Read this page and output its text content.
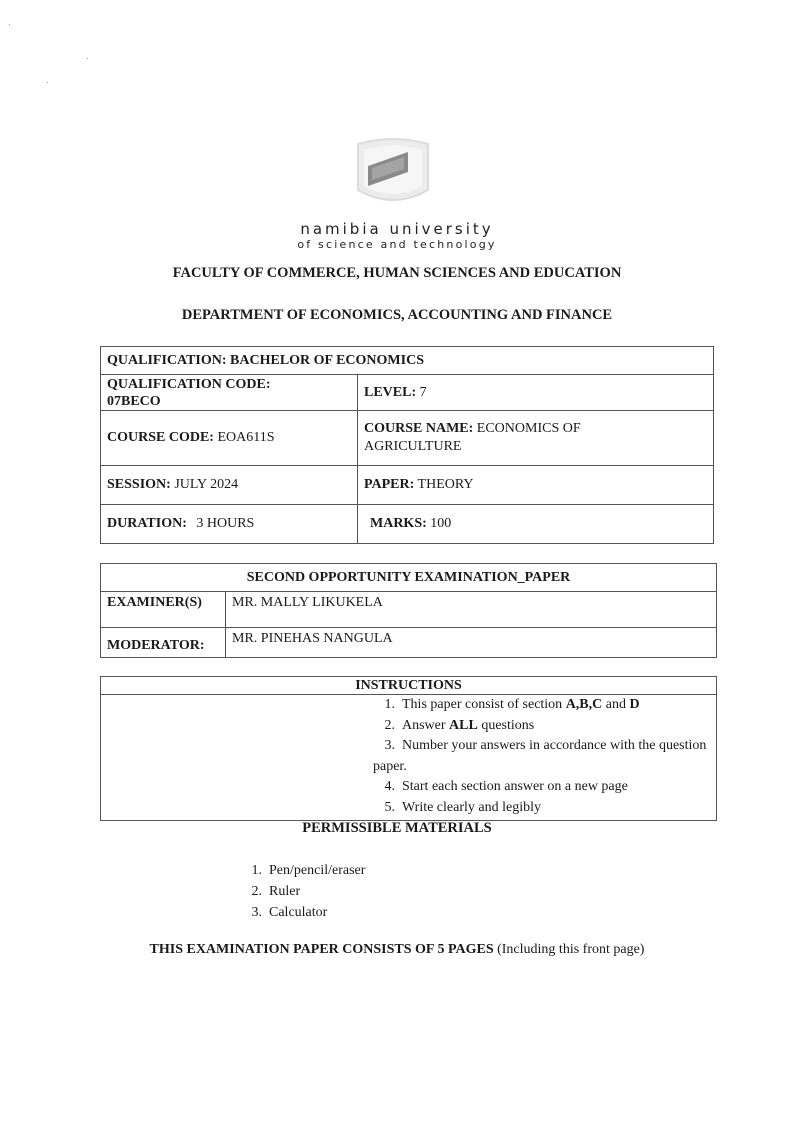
namibia university
of science and technology
FACULTY OF COMMERCE, HUMAN SCIENCES AND EDUCATION
DEPARTMENT OF ECONOMICS, ACCOUNTING AND FINANCE
QUALIFICATION: BACHELOR OF ECONOMICS	

QUALIFICATION CODE:
07BECO	LEVEL: 7
COURSE CODE: EOA611S	COURSE NAME: ECONOMICS OF
AGRICULTURE

SESSION: JULY 2024	PAPER: THEORY
DURATION: 3 HOURS	MARKS: 100
SECOND OPPORTUNITY EXAMINATION_PAPER	
EXAMINER(S)	MR. MALLY LIKUKELA
MODERATOR:	MR. PINEHAS NANGULA
INSTRUCTIONS

1. This paper consist of section A,B,C and D
2. Answer ALL questions
3. Number your answers in accordance with the question paper.
4. Start each section answer on a new page
5. Write clearly and legibly
PERMISSIBLE MATERIALS
1. Pen/pencil/eraser
2. Ruler
3. Calculator
THIS EXAMINATION PAPER CONSISTS OF 5 PAGES (Including this front page)
